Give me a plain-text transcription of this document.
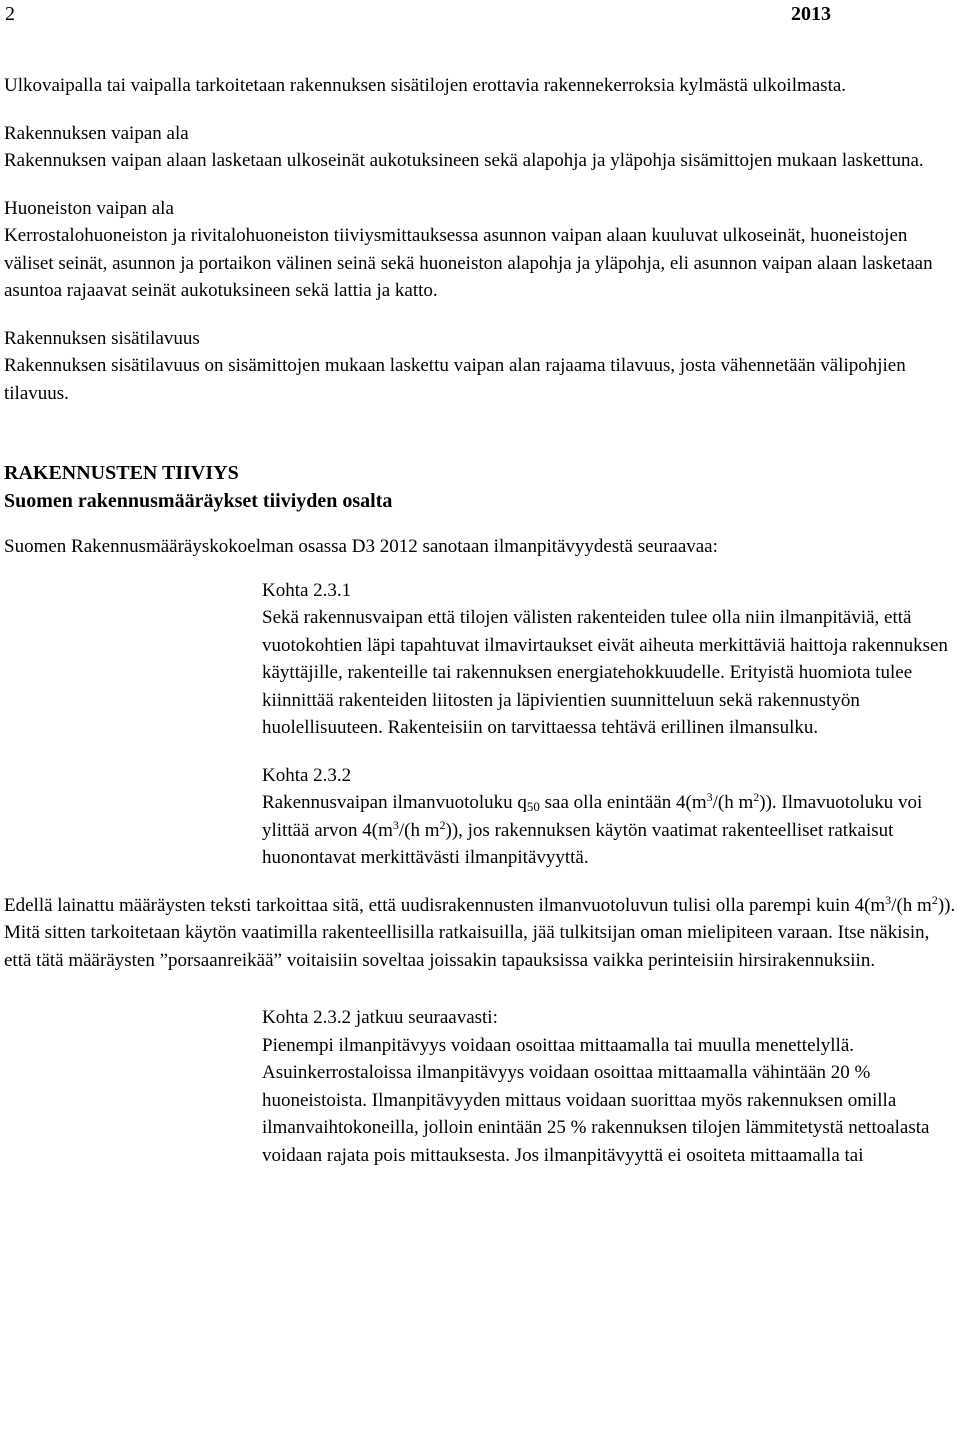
2	2013

Ulkovaipalla tai vaipalla tarkoitetaan rakennuksen sisätilojen erottavia rakennekerroksia kylmästä ulkoilmasta.

Rakennuksen vaipan ala

Rakennuksen vaipan alaan lasketaan ulkoseinät aukotuksineen sekä alapohja ja yläpohja sisämittojen mukaan laskettuna.

Huoneiston vaipan ala

Kerrostalohuoneiston ja rivitalohuoneiston tiiviysmittauksessa asunnon vaipan alaan kuuluvat ulkoseinät, huoneistojen väliset seinät, asunnon ja portaikon välinen seinä sekä huoneiston alapohja ja yläpohja, eli asunnon vaipan alaan lasketaan asuntoa rajaavat seinät aukotuksineen sekä lattia ja katto.

Rakennuksen sisätilavuus

Rakennuksen sisätilavuus on sisämittojen mukaan laskettu vaipan alan rajaama tilavuus, josta vähennetään välipohjien tilavuus.

RAKENNUSTEN TIIVIYS

Suomen rakennusmääräykset tiiviyden osalta

Suomen Rakennusmääräyskokoelman osassa D3 2012 sanotaan ilmanpitävyydestä seuraavaa:

Kohta 2.3.1

Sekä rakennusvaipan että tilojen välisten rakenteiden tulee olla niin ilmanpitäviä, että vuotokohtien läpi tapahtuvat ilmavirtaukset eivät aiheuta merkittäviä haittoja rakennuksen käyttäjille, rakenteille tai rakennuksen energiatehokkuudelle. Erityistä huomiota tulee kiinnittää rakenteiden liitosten ja läpivientien suunnitteluun sekä rakennustyön huolellisuuteen. Rakenteisiin on tarvittaessa tehtävä erillinen ilmansulku.

Kohta 2.3.2

Rakennusvaipan ilmanvuotoluku $q_{50}$ saa olla enintään $4(m^3/(h$ $m^2$)). Ilmavuotoluku voi ylittää arvon $4(m^3/(h$ $m^2$)), jos rakennuksen käytön vaatimat rakenteelliset ratkaisut huonontavat merkittävästi ilmanpitävyyttä.

Edellä lainattu määräysten teksti tarkoittaa sitä, että uudisrakennusten ilmanvuotoluvun tulisi olla parempi kuin $4(m^3/(h$ $m^2$)). Mitä sitten tarkoitetaan käytön vaatimilla rakenteellisilla ratkaisuilla, jää tulkitsijan oman mielipiteen varaan. Itse näkisin, että tätä määräysten ”porsaanreikää” voitaisiin soveltaa joissakin tapauksissa vaikka perinteisiin hirsirakennuksiin.

Kohta 2.3.2 jatkuu seuraavasti:

Pienempi ilmanpitävyys voidaan osoittaa mittaamalla tai muulla menettelyllä. Asuinkerrostaloissa ilmanpitävyys voidaan osoittaa mittaamalla vähintään 20 % huoneistoista. Ilmanpitävyyden mittaus voidaan suorittaa myös rakennuksen omilla ilmanvaihtokoneilla, jolloin enintään 25 % rakennuksen tilojen lämmitetystä nettoalasta voidaan rajata pois mittauksesta. Jos ilmanpitävyyttä ei osoiteta mittaamalla tai
